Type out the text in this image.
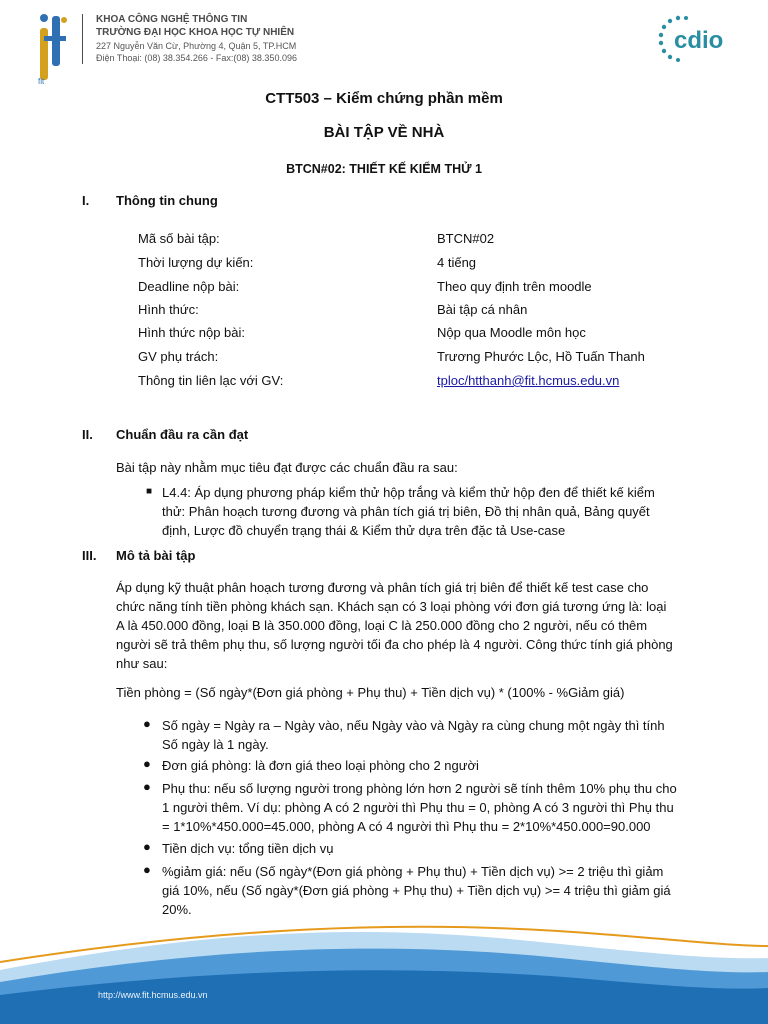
fit
KHOA CÔNG NGHỆ THÔNG TIN
TRƯỜNG ĐẠI HỌC KHOA HỌC TỰ NHIÊN
227 Nguyễn Văn Cừ, Phường 4, Quận 5, TP.HCM
Điện Thoại: (08) 38.354.266 - Fax:(08) 38.350.096
cdio
CTT503 – Kiểm chứng phần mềm
BÀI TẬP VỀ NHÀ
BTCN#02: THIẾT KẾ KIỂM THỬ 1
I. Thông tin chung
Mã số bài tập:	BTCN#02
Thời lượng dự kiến:	4 tiếng
Deadline nộp bài:	Theo quy định trên moodle
Hình thức:	Bài tập cá nhân
Hình thức nộp bài:	Nộp qua Moodle môn học
GV phụ trách:	Trương Phước Lộc, Hồ Tuấn Thanh
Thông tin liên lạc với GV:	tploc/htthanh@fit.hcmus.edu.vn
II. Chuẩn đầu ra cần đạt
Bài tập này nhằm mục tiêu đạt được các chuẩn đầu ra sau:
■ L4.4: Áp dụng phương pháp kiểm thử hộp trắng và kiểm thử hộp đen để thiết kế kiểm thử: Phân hoạch tương đương và phân tích giá trị biên, Đồ thị nhân quả, Bảng quyết định, Lược đồ chuyển trạng thái & Kiểm thử dựa trên đặc tả Use-case
III. Mô tả bài tập
Áp dụng kỹ thuật phân hoạch tương đương và phân tích giá trị biên để thiết kế test case cho chức năng tính tiền phòng khách sạn. Khách sạn có 3 loại phòng với đơn giá tương ứng là: loại A là 450.000 đồng, loại B là 350.000 đồng, loại C là 250.000 đồng cho 2 người, nếu có thêm người sẽ trả thêm phụ thu, số lượng người tối đa cho phép là 4 người. Công thức tính giá phòng như sau:
Tiền phòng = (Số ngày*(Đơn giá phòng + Phụ thu) + Tiền dịch vụ) * (100% - %Giảm giá)
● Số ngày = Ngày ra – Ngày vào, nếu Ngày vào và Ngày ra cùng chung một ngày thì tính Số ngày là 1 ngày.
● Đơn giá phòng: là đơn giá theo loại phòng cho 2 người
● Phụ thu: nếu số lượng người trong phòng lớn hơn 2 người sẽ tính thêm 10% phụ thu cho 1 người thêm. Ví dụ: phòng A có 2 người thì Phụ thu = 0, phòng A có 3 người thì Phụ thu = 1*10%*450.000=45.000, phòng A có 4 người thì Phụ thu = 2*10%*450.000=90.000
● Tiền dịch vụ: tổng tiền dịch vụ
● %giảm giá: nếu (Số ngày*(Đơn giá phòng + Phụ thu) + Tiền dịch vụ) >= 2 triệu thì giảm giá 10%, nếu (Số ngày*(Đơn giá phòng + Phụ thu) + Tiền dịch vụ) >= 4 triệu thì giảm giá 20%.
http://www.fit.hcmus.edu.vn
